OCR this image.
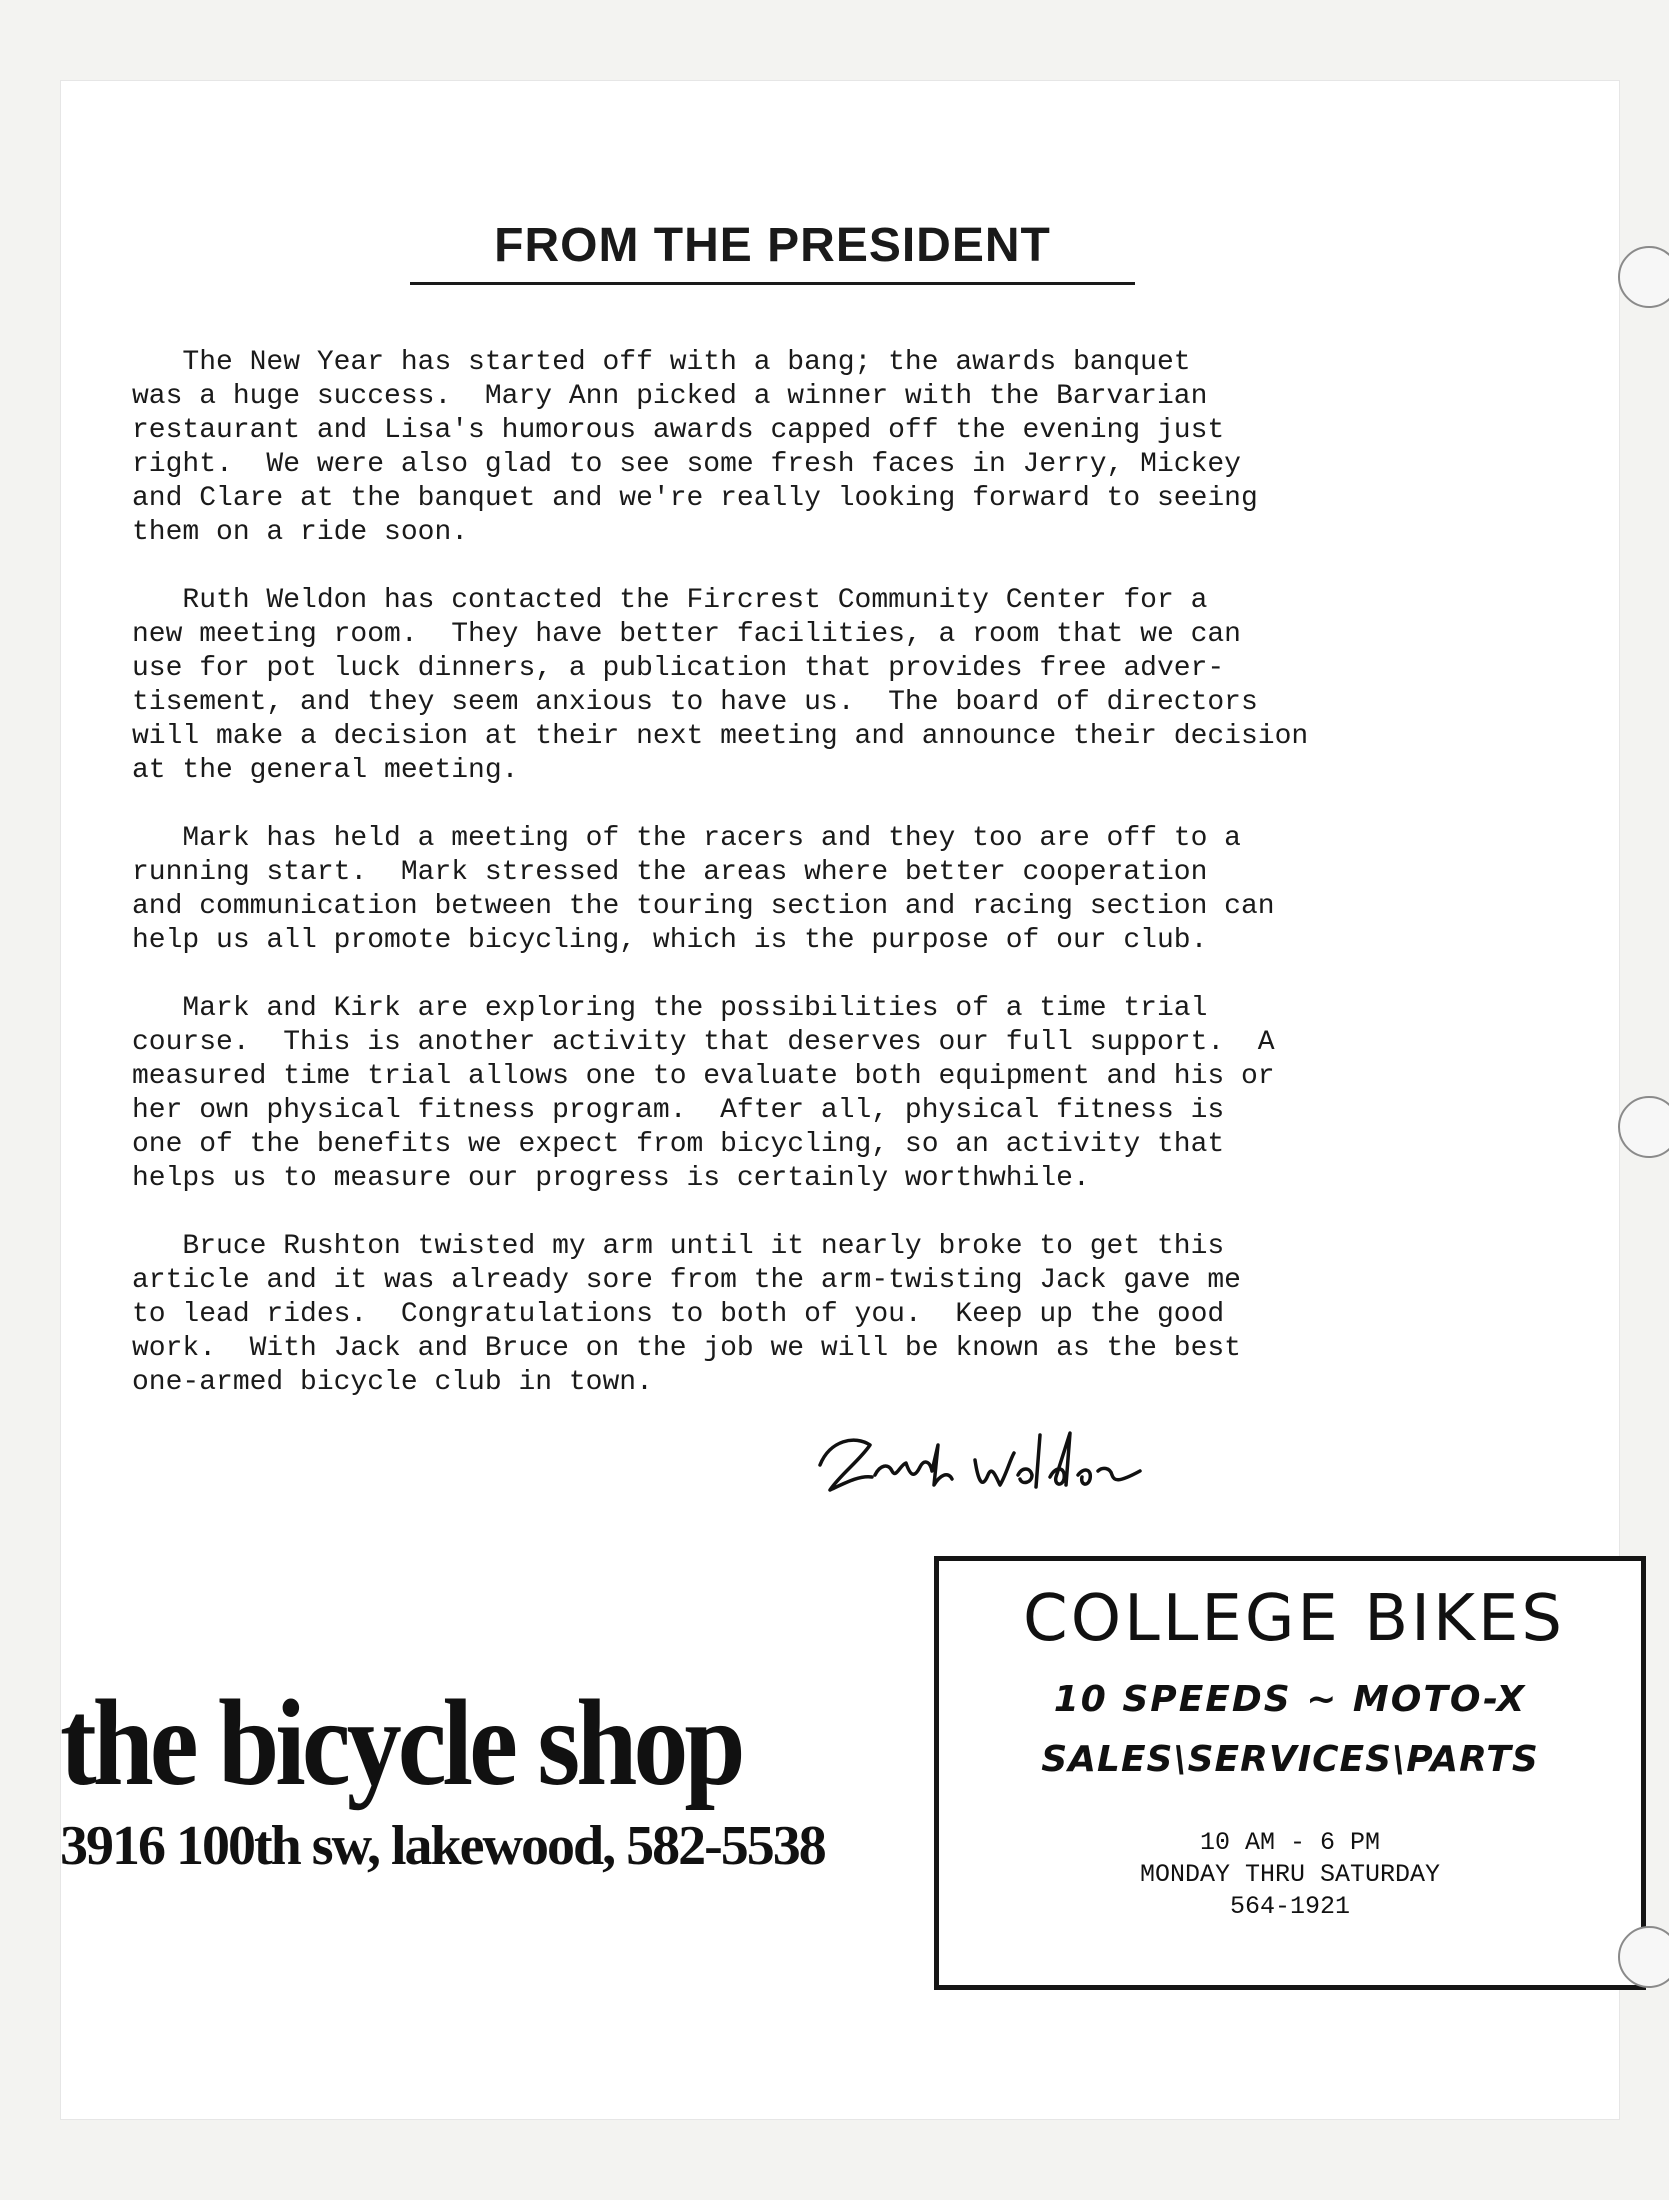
FROM THE PRESIDENT

The New Year has started off with a bang; the awards banquet
was a huge success.  Mary Ann picked a winner with the Barvarian
restaurant and Lisa's humorous awards capped off the evening just
right.  We were also glad to see some fresh faces in Jerry, Mickey
and Clare at the banquet and we're really looking forward to seeing
them on a ride soon.

Ruth Weldon has contacted the Fircrest Community Center for a
new meeting room.  They have better facilities, a room that we can
use for pot luck dinners, a publication that provides free adver-
tisement, and they seem anxious to have us.  The board of directors
will make a decision at their next meeting and announce their decision
at the general meeting.

Mark has held a meeting of the racers and they too are off to a
running start.  Mark stressed the areas where better cooperation
and communication between the touring section and racing section can
help us all promote bicycling, which is the purpose of our club.

Mark and Kirk are exploring the possibilities of a time trial
course.  This is another activity that deserves our full support.  A
measured time trial allows one to evaluate both equipment and his or
her own physical fitness program.  After all, physical fitness is
one of the benefits we expect from bicycling, so an activity that
helps us to measure our progress is certainly worthwhile.

Bruce Rushton twisted my arm until it nearly broke to get this
article and it was already sore from the arm-twisting Jack gave me
to lead rides.  Congratulations to both of you.  Keep up the good
work.  With Jack and Bruce on the job we will be known as the best
one-armed bicycle club in town.

the bicycle shop

3916 100th sw, lakewood, 582-5538

COLLEGE BIKES

10 SPEEDS ~ MOTO-X

SALES\SERVICES\PARTS

10 AM - 6 PM

MONDAY THRU SATURDAY

564-1921
